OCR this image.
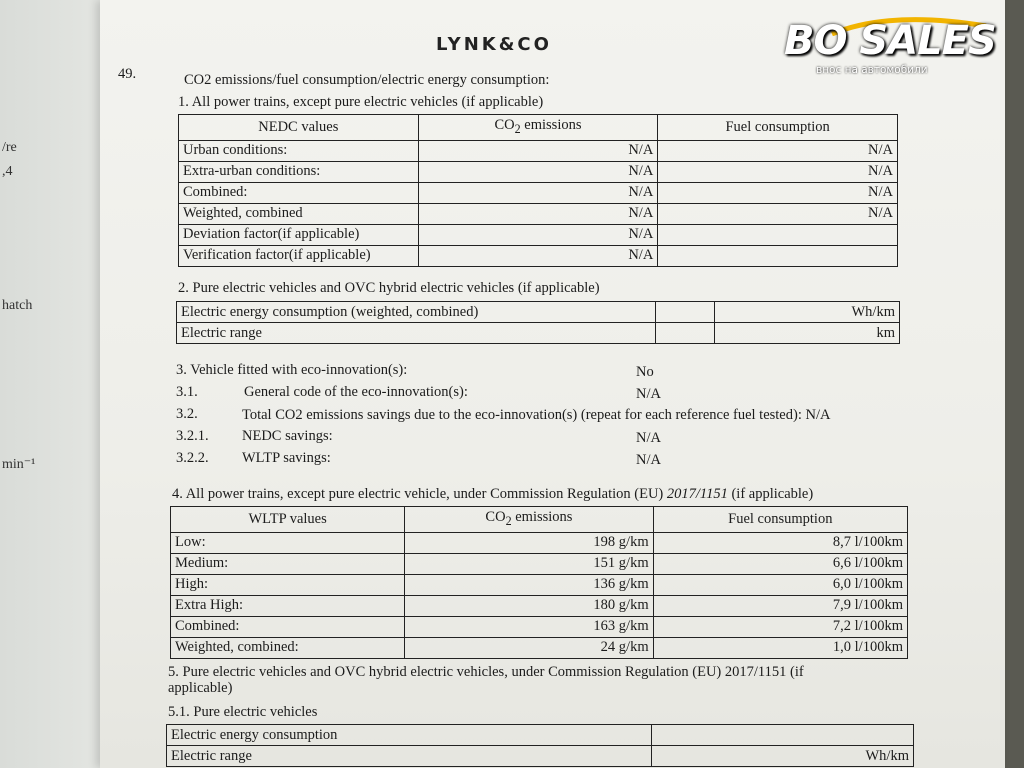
/re
,4
hatch
min⁻¹
LYNK&CO
49.	CO2 emissions/fuel consumption/electric energy consumption:
1. All power trains, except pure electric vehicles (if applicable)
NEDC values	$CO_2$ emissions	Fuel consumption
Urban conditions:	N/A	N/A
Extra-urban conditions:	N/A	N/A
Combined:	N/A	N/A
Weighted, combined	N/A	N/A
Deviation factor(if applicable)	N/A	
Verification factor(if applicable)	N/A	
2. Pure electric vehicles and OVC hybrid electric vehicles (if applicable)
Electric energy consumption (weighted, combined)		Wh/km
Electric range		km
3. Vehicle fitted with eco-innovation(s):	No
3.1.	General code of the eco-innovation(s):	N/A
3.2.	Total CO2 emissions savings due to the eco-innovation(s) (repeat for each reference fuel tested): N/A
3.2.1. NEDC savings:	N/A
3.2.2. WLTP savings:	N/A
4. All power trains, except pure electric vehicle, under Commission Regulation (EU) 2017/1151 (if applicable)
WLTP values	$CO_2$ emissions	Fuel consumption
Low:	198 g/km	8,7 l/100km
Medium:	151 g/km	6,6 l/100km
High:	136 g/km	6,0 l/100km
Extra High:	180 g/km	7,9 l/100km
Combined:	163 g/km	7,2 l/100km
Weighted, combined:	24 g/km	1,0 l/100km
5. Pure electric vehicles and OVC hybrid electric vehicles, under Commission Regulation (EU) 2017/1151 (if
applicable)
5.1. Pure electric vehicles
Electric energy consumption	
Electric range	Wh/km
BO SALES
внос на автомобили
